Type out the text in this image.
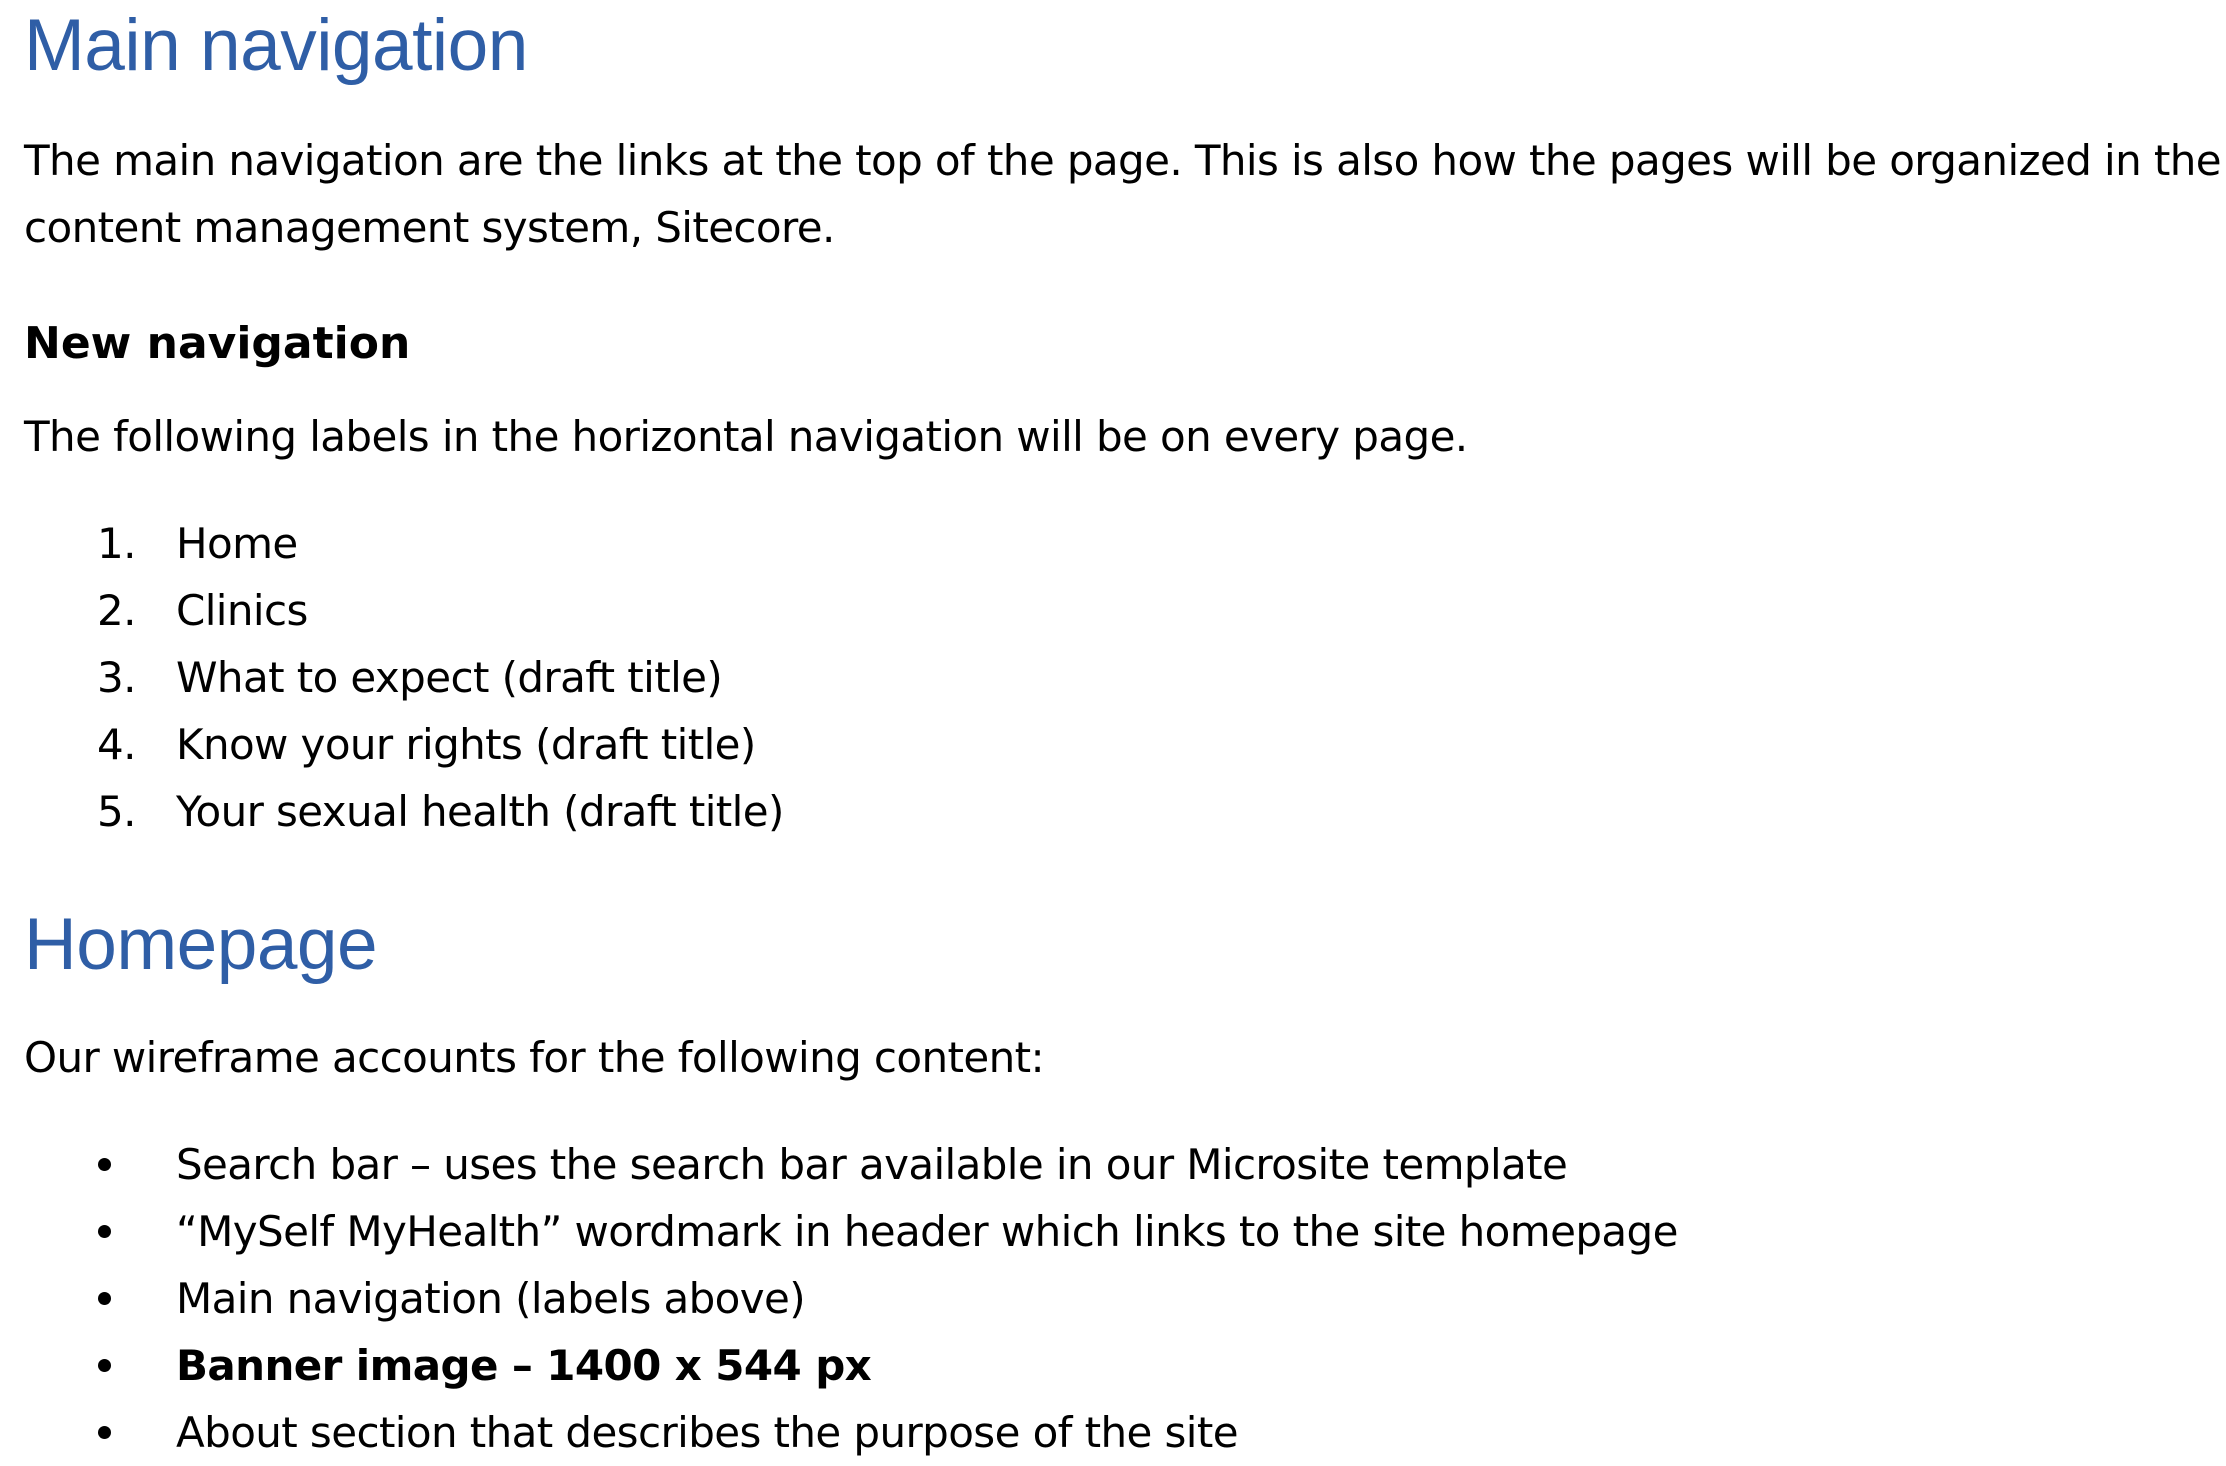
Main navigation

The main navigation are the links at the top of the page. This is also how the pages will be organized in the

content management system, Sitecore.

New navigation

The following labels in the horizontal navigation will be on every page.

1. Home
2. Clinics
3. What to expect (draft title)
4. Know your rights (draft title)
5. Your sexual health (draft title)
Homepage

Our wireframe accounts for the following content:

Search bar – uses the search bar available in our Microsite template
“MySelf MyHealth” wordmark in header which links to the site homepage
Main navigation (labels above)
Banner image – 1400 x 544 px
About section that describes the purpose of the site
